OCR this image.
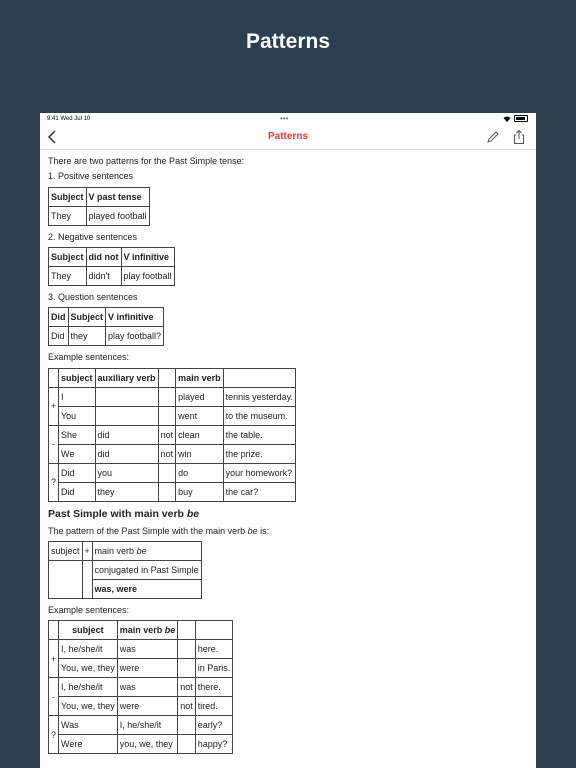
Patterns
9:41 Wed Jul 10	•••
Patterns

There are two patterns for the Past Simple tense:

1. Positive sentences

Subject	V past tense
They	played football

2. Negative sentences

Subject	did not	V infinitive
They	didn't	play football

3. Question sentences

Did	Subject	V infinitive
Did	they	play football?

Example sentences:

	subject	auxiliary verb		main verb	
+	I			played	tennis yesterday.
	You			went	to the museum.
-	She	did	not	clean	the table.
	We	did	not	win	the prize.
?	Did	you		do	your homework?
	Did	they		buy	the car?
Past Simple with main verb be

The pattern of the Past Simple with the main verb be is:

subject	+	main verb be
		conjugated in Past Simple
		was, were

Example sentences:

	subject	main verb be		
+	I, he/she/it	was		here.
	You, we, they	were		in Paris.
-	I, he/she/it	was	not	there.
	You, we, they	were	not	tired.
?	Was	I, he/she/it		early?
	Were	you, we, they		happy?
